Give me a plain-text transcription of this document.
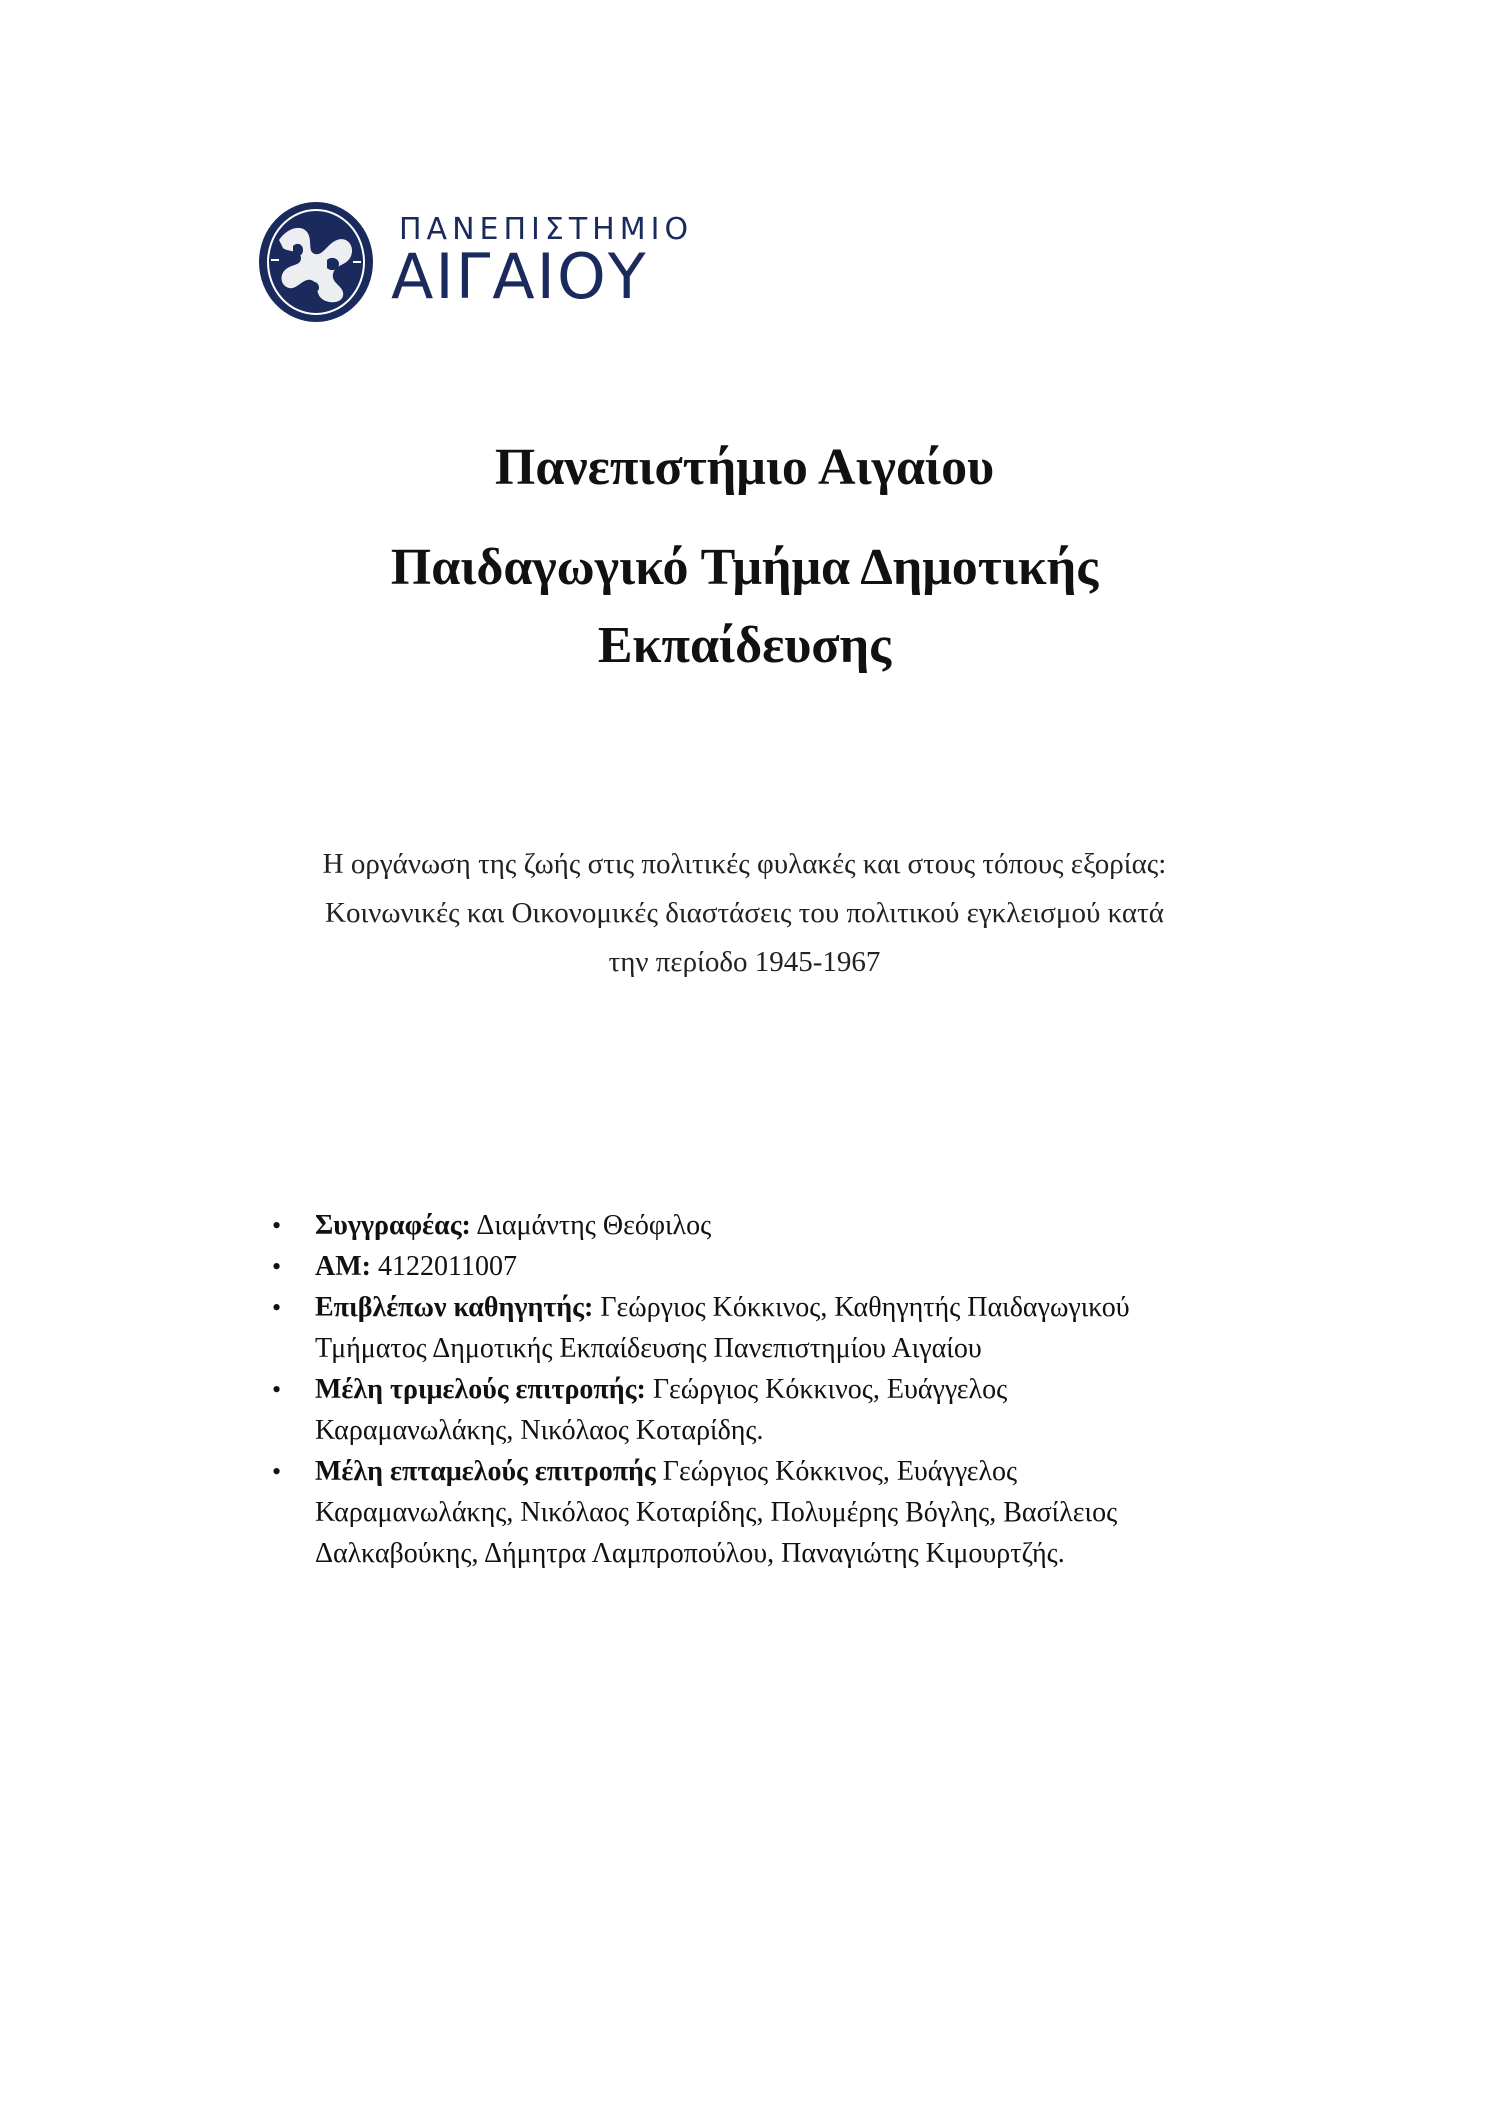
ΠΑΝΕΠΙΣΤΗΜΙΟ
ΑΙΓΑΙΟΥ
Πανεπιστήμιο Αιγαίου
Παιδαγωγικό Τμήμα Δημοτικής
Εκπαίδευσης
Η οργάνωση της ζωής στις πολιτικές φυλακές και στους τόπους εξορίας:
Κοινωνικές και Οικονομικές διαστάσεις του πολιτικού εγκλεισμού κατά
την περίοδο 1945-1967
• Συγγραφέας: Διαμάντης Θεόφιλος
• ΑΜ: 4122011007
• Επιβλέπων καθηγητής: Γεώργιος Κόκκινος, Καθηγητής Παιδαγωγικού
Τμήματος Δημοτικής Εκπαίδευσης Πανεπιστημίου Αιγαίου
• Μέλη τριμελούς επιτροπής: Γεώργιος Κόκκινος, Ευάγγελος
Καραμανωλάκης, Νικόλαος Κοταρίδης.
• Μέλη επταμελούς επιτροπής Γεώργιος Κόκκινος, Ευάγγελος
Καραμανωλάκης, Νικόλαος Κοταρίδης, Πολυμέρης Βόγλης, Βασίλειος
Δαλκαβούκης, Δήμητρα Λαμπροπούλου, Παναγιώτης Κιμουρτζής.
